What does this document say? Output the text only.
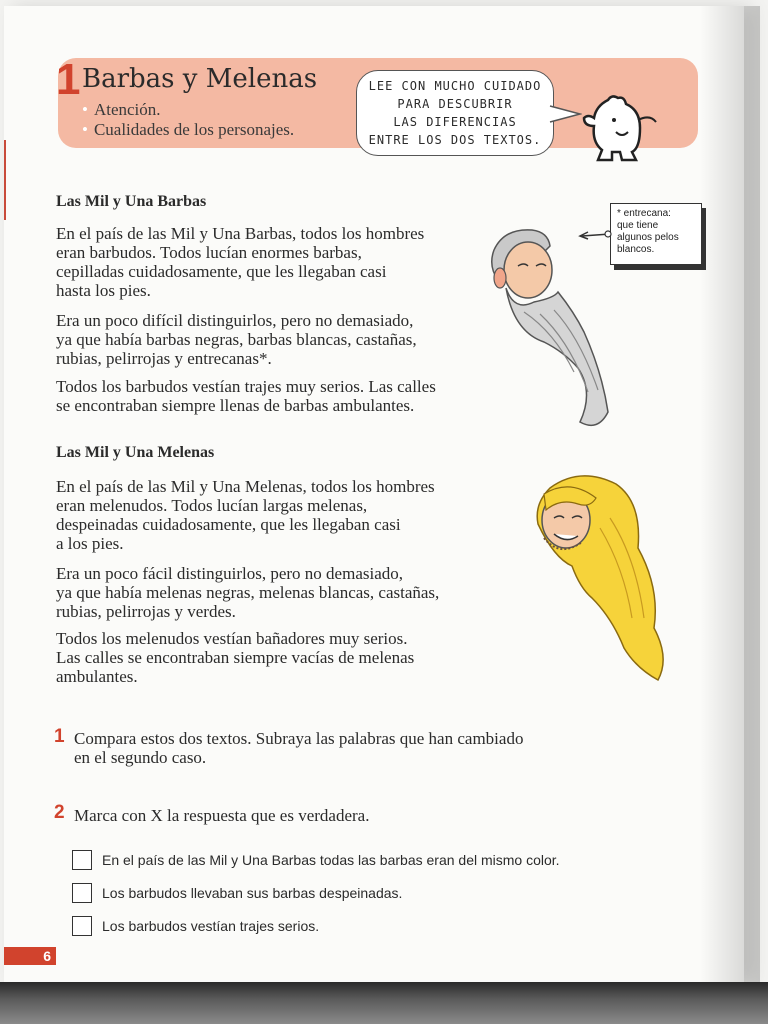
1 Barbas y Melenas
• Atención.
• Cualidades de los personajes.
LEE CON MUCHO CUIDADO
PARA DESCUBRIR
LAS DIFERENCIAS
ENTRE LOS DOS TEXTOS.
Las Mil y Una Barbas

En el país de las Mil y Una Barbas, todos los hombres
eran barbudos. Todos lucían enormes barbas,
cepilladas cuidadosamente, que les llegaban casi
hasta los pies.

Era un poco difícil distinguirlos, pero no demasiado,
ya que había barbas negras, barbas blancas, castañas,
rubias, pelirrojas y entrecanas*.

Todos los barbudos vestían trajes muy serios. Las calles
se encontraban siempre llenas de barbas ambulantes.

* entrecana:
que tiene
algunos pelos
blancos.
Las Mil y Una Melenas

En el país de las Mil y Una Melenas, todos los hombres
eran melenudos. Todos lucían largas melenas,
despeinadas cuidadosamente, que les llegaban casi
a los pies.

Era un poco fácil distinguirlos, pero no demasiado,
ya que había melenas negras, melenas blancas, castañas,
rubias, pelirrojas y verdes.

Todos los melenudos vestían bañadores muy serios.
Las calles se encontraban siempre vacías de melenas
ambulantes.

1 Compara estos dos textos. Subraya las palabras que han cambiado
en el segundo caso.
2 Marca con X la respuesta que es verdadera.
En el país de las Mil y Una Barbas todas las barbas eran del mismo color.
Los barbudos llevaban sus barbas despeinadas.
Los barbudos vestían trajes serios.
6
